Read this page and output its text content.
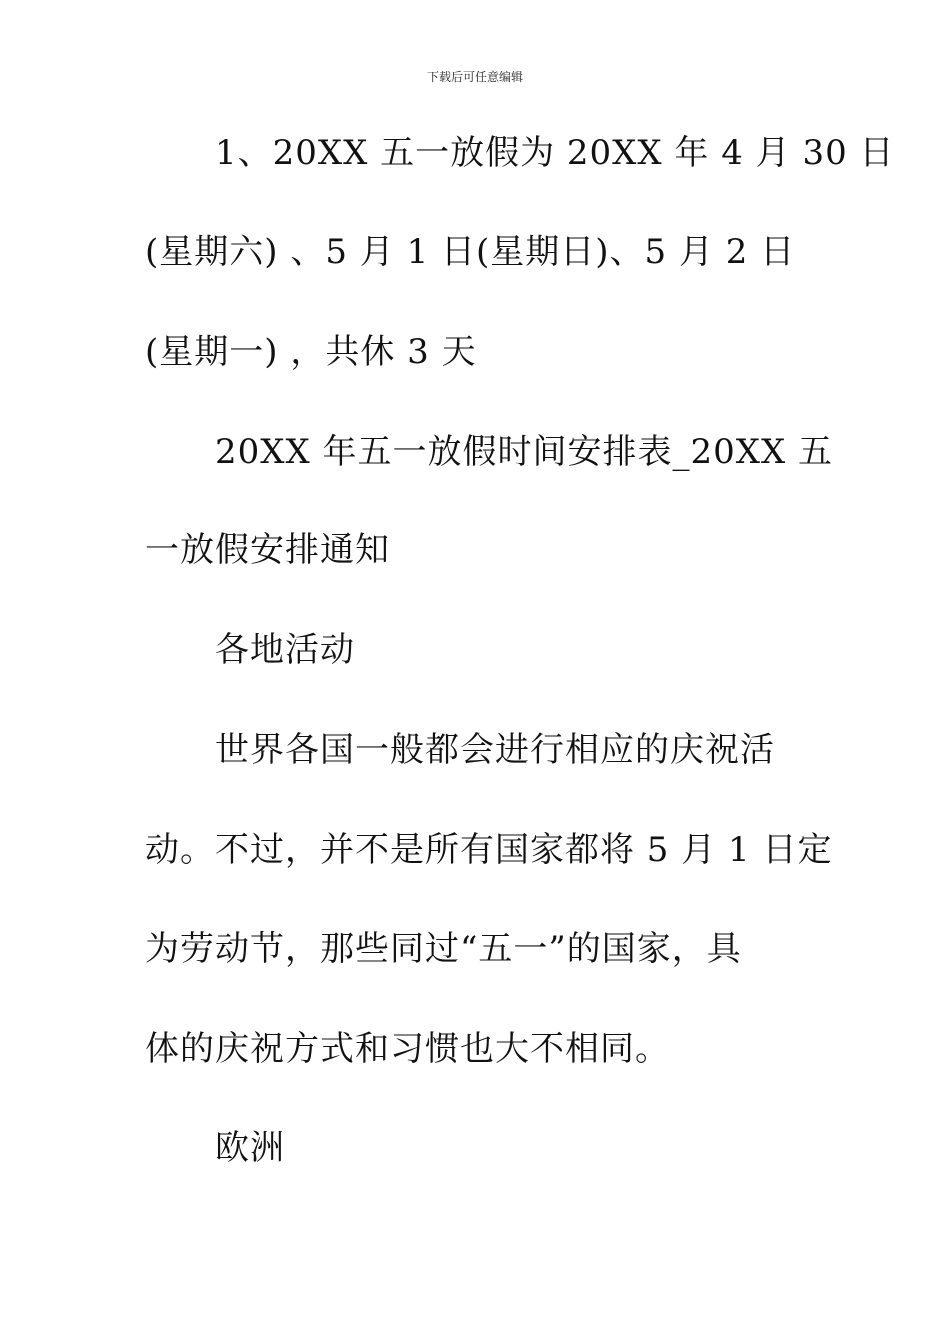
下载后可任意编辑
1、20XX 五一放假为 20XX 年 4 月 30 日
(星期六) 、5 月 1 日(星期日)、5 月 2 日
(星期一) ，共休 3 天
20XX 年五一放假时间安排表_20XX 五
一放假安排通知
各地活动
世界各国一般都会进行相应的庆祝活
动。不过，并不是所有国家都将 5 月 1 日定
为劳动节，那些同过“五一”的国家，具
体的庆祝方式和习惯也大不相同。
欧洲
